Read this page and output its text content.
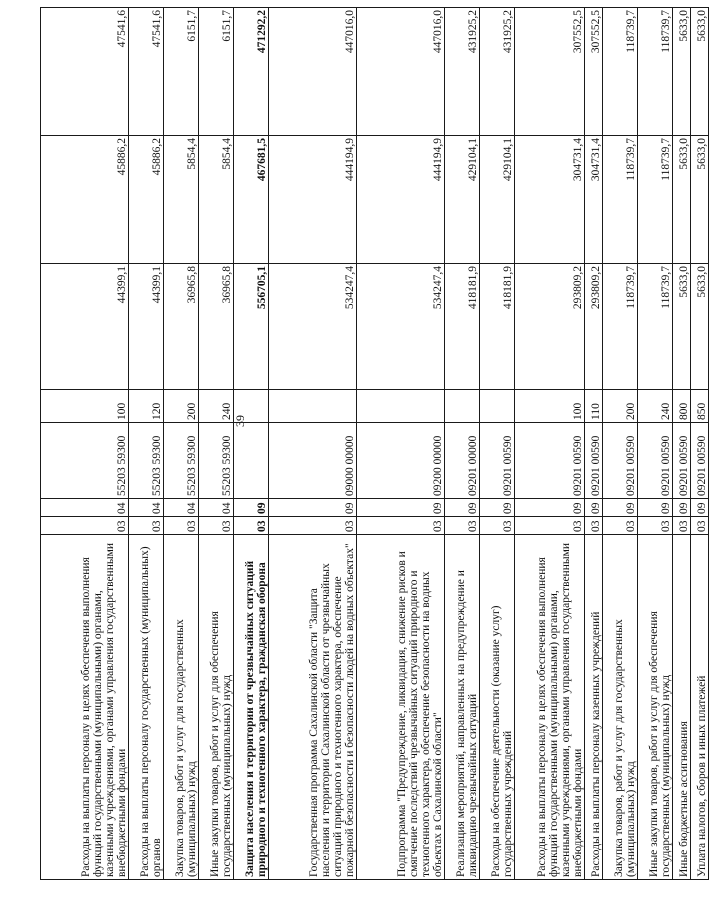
39
Расходы на выплаты персоналу в целях обеспечения выполнения функций государственными (муниципальными) органами, казенными учреждениями, органами управления государственными внебюджетными фондами	03	04	55203 59300	100	44399,1	45886,2	47541,6
Расходы на выплаты персоналу государственных (муниципальных) органов	03	04	55203 59300	120	44399,1	45886,2	47541,6
Закупка товаров, работ и услуг для государственных (муниципальных) нужд	03	04	55203 59300	200	36965,8	5854,4	6151,7
Иные закупки товаров, работ и услуг для обеспечения государственных (муниципальных) нужд	03	04	55203 59300	240	36965,8	5854,4	6151,7
Защита населения и территории от чрезвычайных ситуаций природного и техногенного характера, гражданская оборона	03	09			556705,1	467681,5	471292,2
Государственная программа Сахалинской области "Защита населения и территории Сахалинской области от чрезвычайных ситуаций природного и техногенного характера, обеспечение пожарной безопасности и безопасности людей на водных объектах"	03	09	09000 00000		534247,4	444194,9	447016,0
Подпрограмма "Предупреждение, ликвидация, снижение рисков и смягчение последствий чрезвычайных ситуаций природного и техногенного характера, обеспечение безопасности на водных объектах в Сахалинской области"	03	09	09200 00000		534247,4	444194,9	447016,0
Реализация мероприятий, направленных на предупреждение и ликвидацию чрезвычайных ситуаций	03	09	09201 00000		418181,9	429104,1	431925,2
Расходы на обеспечение деятельности (оказание услуг) государственных учреждений	03	09	09201 00590		418181,9	429104,1	431925,2
Расходы на выплаты персоналу в целях обеспечения выполнения функций государственными (муниципальными) органами, казенными учреждениями, органами управления государственными внебюджетными фондами	03	09	09201 00590	100	293809,2	304731,4	307552,5
Расходы на выплаты персоналу казенных учреждений	03	09	09201 00590	110	293809,2	304731,4	307552,5
Закупка товаров, работ и услуг для государственных (муниципальных) нужд	03	09	09201 00590	200	118739,7	118739,7	118739,7
Иные закупки товаров, работ и услуг для обеспечения государственных (муниципальных) нужд	03	09	09201 00590	240	118739,7	118739,7	118739,7
Иные бюджетные ассигнования	03	09	09201 00590	800	5633,0	5633,0	5633,0
Уплата налогов, сборов и иных платежей	03	09	09201 00590	850	5633,0	5633,0	5633,0
